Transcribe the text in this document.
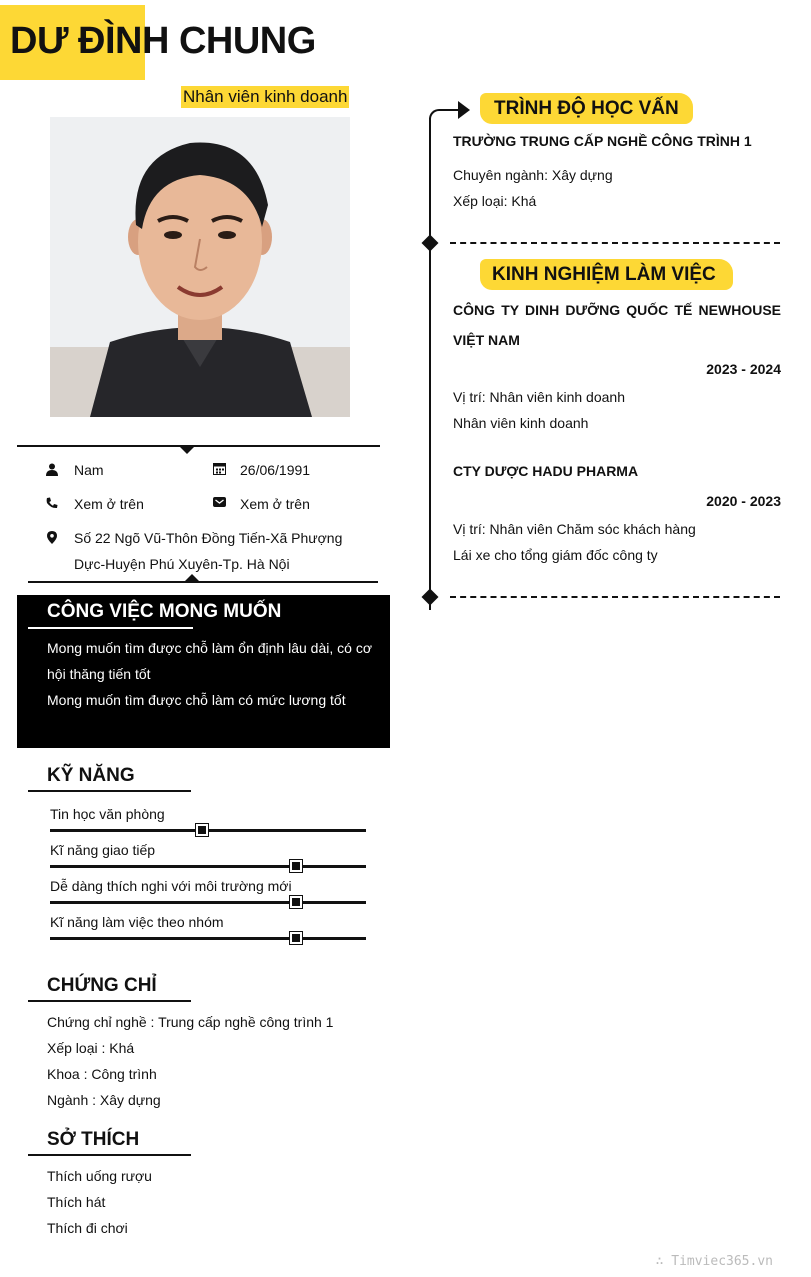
DƯ ĐÌNH CHUNG
Nhân viên kinh doanh
Nam	26/06/1991
Xem ở trên	Xem ở trên
Số 22 Ngõ Vũ-Thôn Đồng Tiến-Xã Phượng Dực-Huyện Phú Xuyên-Tp. Hà Nội
CÔNG VIỆC MONG MUỐN
Mong muốn tìm được chỗ làm ổn định lâu dài, có cơ hội thăng tiến tốt
Mong muốn tìm được chỗ làm có mức lương tốt
KỸ NĂNG
Tin học văn phòng
Kĩ năng giao tiếp
Dễ dàng thích nghi với môi trường mới
Kĩ năng làm việc theo nhóm
CHỨNG CHỈ
Chứng chỉ nghề : Trung cấp nghề công trình 1
Xếp loại : Khá
Khoa : Công trình
Ngành : Xây dựng
SỞ THÍCH
Thích uống rượu
Thích hát
Thích đi chơi
TRÌNH ĐỘ HỌC VẤN
TRƯỜNG TRUNG CẤP NGHỀ CÔNG TRÌNH 1
Chuyên ngành: Xây dựng
Xếp loại: Khá
KINH NGHIỆM LÀM VIỆC
CÔNG TY DINH DƯỠNG QUỐC TẾ NEWHOUSE VIỆT NAM
2023 - 2024
Vị trí: Nhân viên kinh doanh
Nhân viên kinh doanh
CTY DƯỢC HADU PHARMA
2020 - 2023
Vị trí: Nhân viên Chăm sóc khách hàng
Lái xe cho tổng giám đốc công ty
∴ Timviec365.vn
